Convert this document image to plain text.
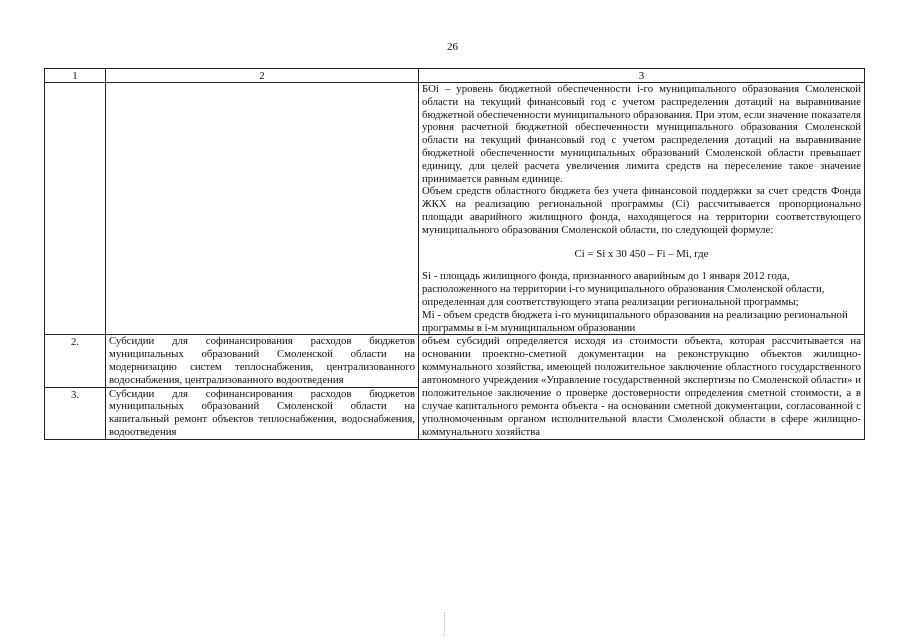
26
1	2	3

		БОi – уровень бюджетной обеспеченности i-го муниципального образования Смоленской области на текущий финансовый год с учетом распределения дотаций на выравнивание бюджетной обеспеченности муниципального образования. При этом, если значение показателя уровня расчетной бюджетной обеспеченности муниципального образования Смоленской области на текущий финансовый год с учетом распределения дотаций на выравнивание бюджетной обеспеченности муниципальных образований Смоленской области превышает единицу, для целей расчета увеличения лимита средств на переселение такое значение принимается равным единице.
Объем средств областного бюджета без учета финансовой поддержки за счет средств Фонда ЖКХ на реализацию региональной программы (Ci) рассчитывается пропорционально площади аварийного жилищного фонда, находящегося на территории соответствующего муниципального образования Смоленской области, по следующей формуле:
Ci = Si x 30 450 – Fi – Mi, где
Si - площадь жилищного фонда, признанного аварийным до 1 января 2012 года, расположенного на территории i-го муниципального образования Смоленской области, определенная для соответствующего этапа реализации региональной программы;
Mi - объем средств бюджета i-го муниципального образования на реализацию региональной программы в i-м муниципальном образовании

2.	Субсидии для софинансирования расходов бюджетов муниципальных образований Смоленской области на модернизацию систем теплоснабжения, централизованного водоснабжения, централизованного водоотведения	объем субсидий определяется исходя из стоимости объекта, которая рассчитывается на основании проектно-сметной документации на реконструкцию объектов жилищно-коммунального хозяйства, имеющей положительное заключение областного государственного автономного учреждения «Управление государственной экспертизы по Смоленской области» и положительное заключение о проверке достоверности определения сметной стоимости, а в случае капитального ремонта объекта - на основании сметной документации, согласованной с уполномоченным органом исполнительной власти Смоленской области в сфере жилищно-коммунального хозяйства
3.	Субсидии для софинансирования расходов бюджетов муниципальных образований Смоленской области на капитальный ремонт объектов теплоснабжения, водоснабжения, водоотведения	
